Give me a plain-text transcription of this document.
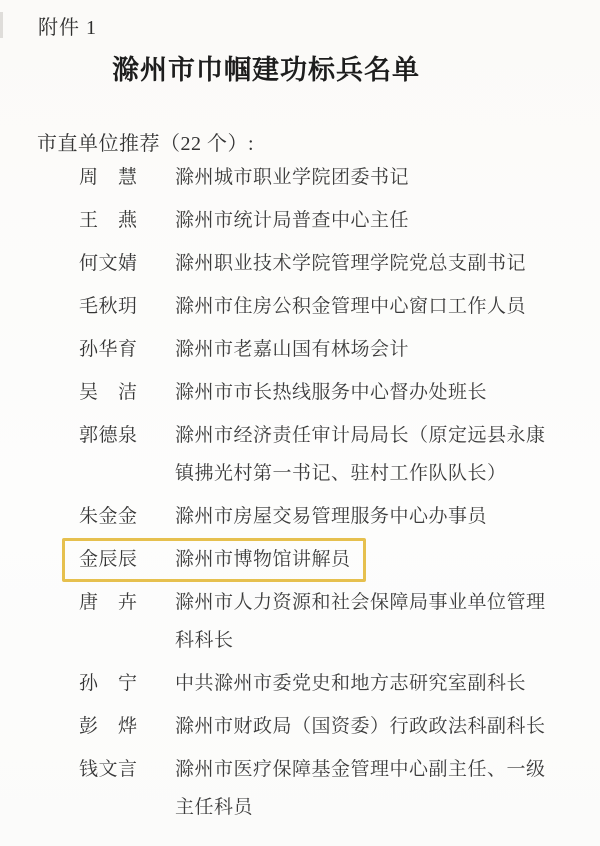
附件 1
滁州市巾帼建功标兵名单
市直单位推荐（22 个）:
周　慧 滁州城市职业学院团委书记
王　燕 滁州市统计局普查中心主任
何文婧 滁州职业技术学院管理学院党总支副书记
毛秋玥 滁州市住房公积金管理中心窗口工作人员
孙华育 滁州市老嘉山国有林场会计
吴　洁 滁州市市长热线服务中心督办处班长
郭德泉 滁州市经济责任审计局局长（原定远县永康镇拂光村第一书记、驻村工作队队长）
朱金金 滁州市房屋交易管理服务中心办事员
金辰辰 滁州市博物馆讲解员
唐　卉 滁州市人力资源和社会保障局事业单位管理科科长
孙　宁 中共滁州市委党史和地方志研究室副科长
彭　烨 滁州市财政局（国资委）行政政法科副科长
钱文言 滁州市医疗保障基金管理中心副主任、一级主任科员
